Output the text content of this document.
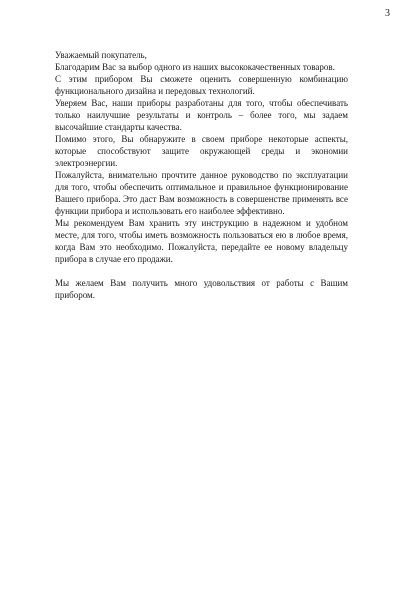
3

Уважаемый покупатель,

Благодарим Вас за выбор одного из наших высококачественных товаров.

С этим прибором Вы сможете оценить совершенную комбинацию функционального дизайна и передовых технологий.

Уверяем Вас, наши приборы разработаны для того, чтобы обеспечивать только наилучшие результаты и контроль – более того, мы задаем высочайшие стандарты качества.

Помимо этого, Вы обнаружите в своем приборе некоторые аспекты, которые способствуют защите окружающей среды и экономии электроэнергии.

Пожалуйста, внимательно прочтите данное руководство по эксплуатации для того, чтобы обеспечить оптимальное и правильное функционирование Вашего прибора. Это даст Вам возможность в совершенстве применять все функции прибора и использовать его наиболее эффективно.

Мы рекомендуем Вам хранить эту инструкцию в надежном и удобном месте, для того, чтобы иметь возможность пользоваться ею в любое время, когда Вам это необходимо. Пожалуйста, передайте ее новому владельцу прибора в случае его продажи.

Мы желаем Вам получить много удовольствия от работы с Вашим прибором.
